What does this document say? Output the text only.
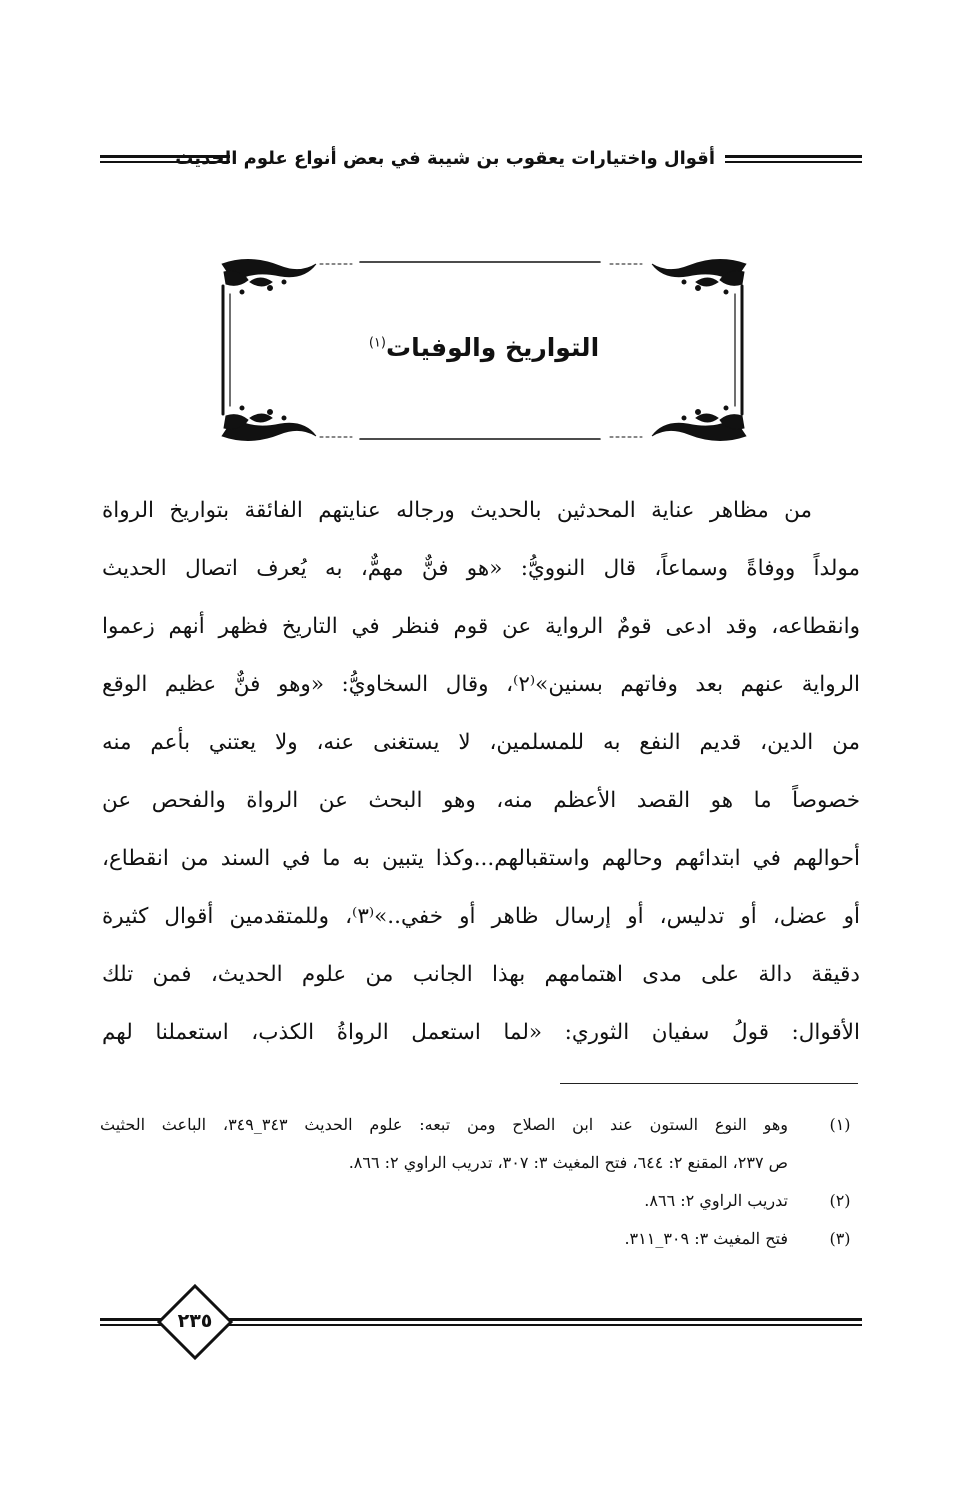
أقوال واختيارات يعقوب بن شيبة في بعض أنواع علوم الحديث
التواريخ والوفيات$^{(١)}$
من مظاهر عناية المحدثين بالحديث ورجاله عنايتهم الفائقة بتواريخ الرواة
مولداً ووفاةً وسماعاً، قال النوويُّ: «هو فنٌّ مهمٌّ، به يُعرف اتصال الحديث
وانقطاعه، وقد ادعى قومٌ الرواية عن قوم فنظر في التاريخ فظهر أنهم زعموا
الرواية عنهم بعد وفاتهم بسنين»⁽٢⁾، وقال السخاويُّ: «وهو فنٌّ عظيم الوقع
من الدين، قديم النفع به للمسلمين، لا يستغنى عنه، ولا يعتني بأعم منه
خصوصاً ما هو القصد الأعظم منه، وهو البحث عن الرواة والفحص عن
أحوالهم في ابتدائهم وحالهم واستقبالهم...وكذا يتبين به ما في السند من انقطاع،
أو عضل، أو تدليس، أو إرسال ظاهر أو خفي..»⁽٣⁾، وللمتقدمين أقوال كثيرة
دقيقة دالة على مدى اهتمامهم بهذا الجانب من علوم الحديث، فمن تلك
الأقوال: قولُ سفيان الثوري: «لما استعمل الرواةُ الكذب، استعملنا لهم
(١)
وهو النوع الستون عند ابن الصلاح ومن تبعه: علوم الحديث ٣٤٣_٣٤٩، الباعث الحثيث
ص ٢٣٧، المقنع ٢: ٦٤٤، فتح المغيث ٣: ٣٠٧، تدريب الراوي ٢: ٨٦٦.
(٢)
تدريب الراوي ٢: ٨٦٦.
(٣)
فتح المغيث ٣: ٣٠٩_٣١١.
٢٣٥
